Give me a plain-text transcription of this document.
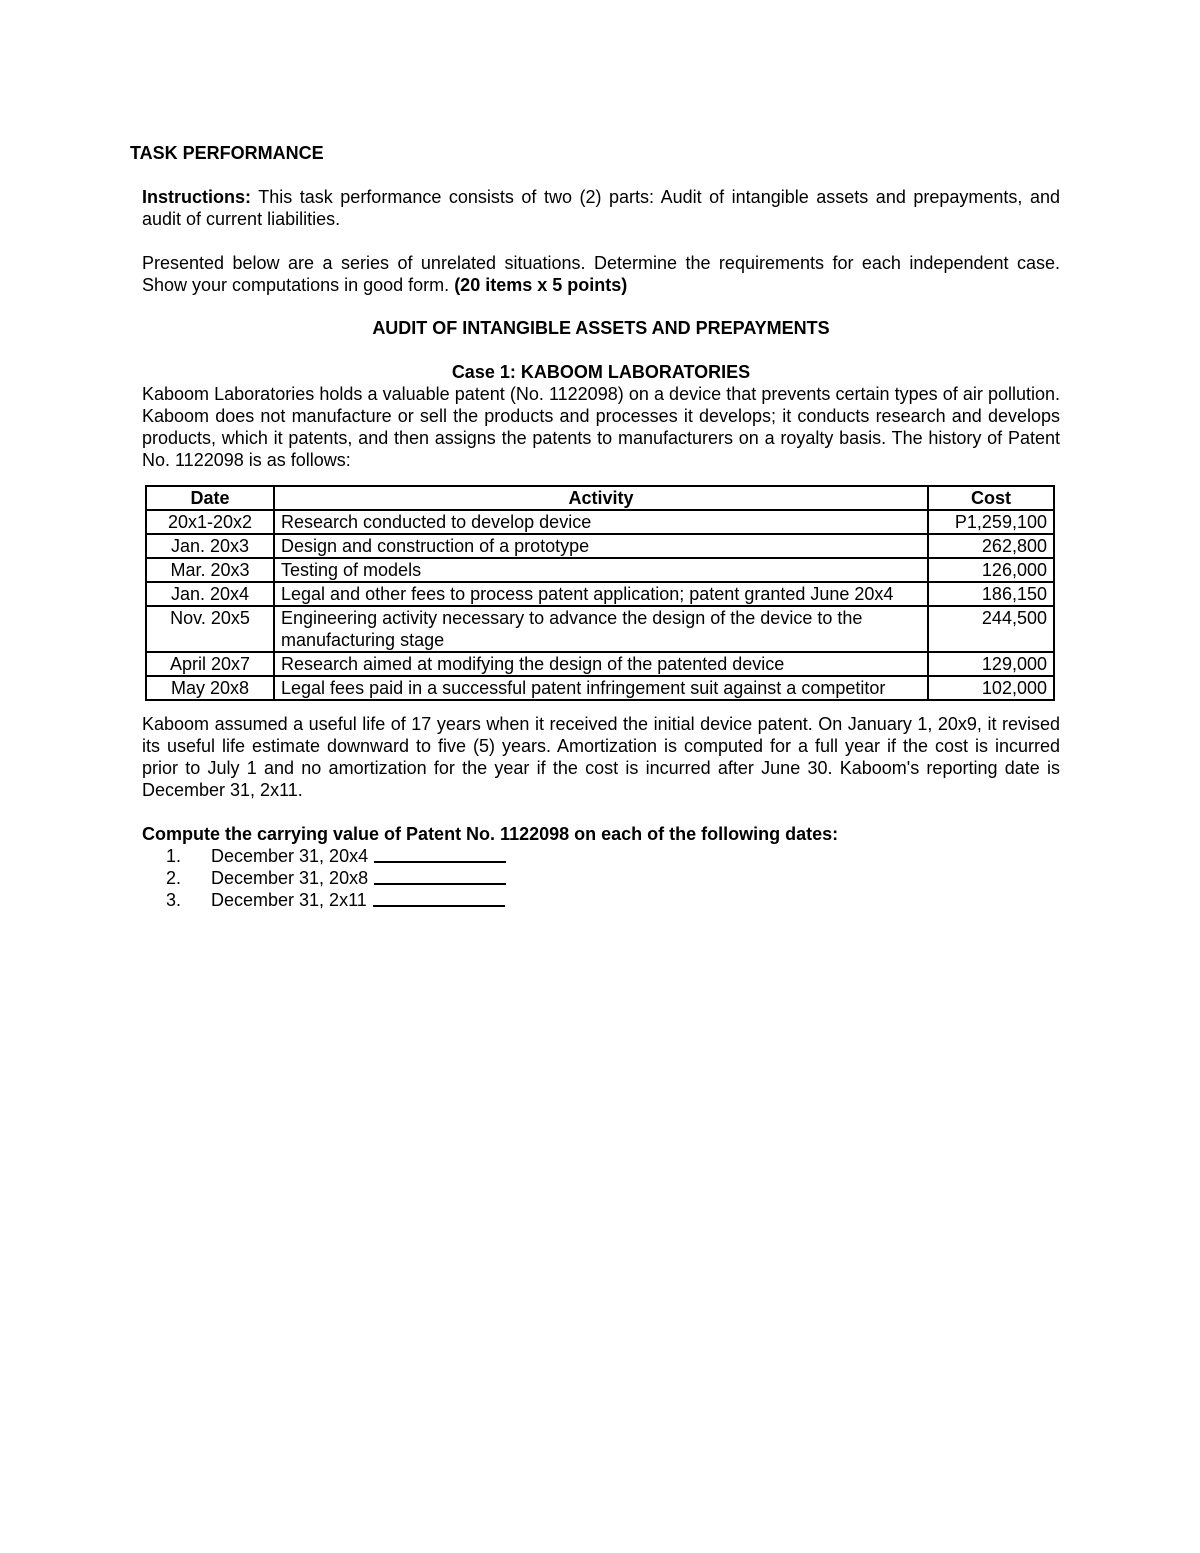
TASK PERFORMANCE

Instructions: This task performance consists of two (2) parts: Audit of intangible assets and prepayments, and audit of current liabilities.

Presented below are a series of unrelated situations. Determine the requirements for each independent case. Show your computations in good form. (20 items x 5 points)

AUDIT OF INTANGIBLE ASSETS AND PREPAYMENTS
Case 1: KABOOM LABORATORIES

Kaboom Laboratories holds a valuable patent (No. 1122098) on a device that prevents certain types of air pollution. Kaboom does not manufacture or sell the products and processes it develops; it conducts research and develops products, which it patents, and then assigns the patents to manufacturers on a royalty basis. The history of Patent No. 1122098 is as follows:

Date	Activity	Cost
20x1-20x2	Research conducted to develop device	P1,259,100
Jan. 20x3	Design and construction of a prototype	262,800
Mar. 20x3	Testing of models	126,000
Jan. 20x4	Legal and other fees to process patent application; patent granted June 20x4	186,150
Nov. 20x5	Engineering activity necessary to advance the design of the device to the manufacturing stage	244,500
April 20x7	Research aimed at modifying the design of the patented device	129,000
May 20x8	Legal fees paid in a successful patent infringement suit against a competitor	102,000

Kaboom assumed a useful life of 17 years when it received the initial device patent. On January 1, 20x9, it revised its useful life estimate downward to five (5) years. Amortization is computed for a full year if the cost is incurred prior to July 1 and no amortization for the year if the cost is incurred after June 30. Kaboom's reporting date is December 31, 2x11.

Compute the carrying value of Patent No. 1122098 on each of the following dates:
1.	December 31, 20x4
2.	December 31, 20x8
3.	December 31, 2x11
